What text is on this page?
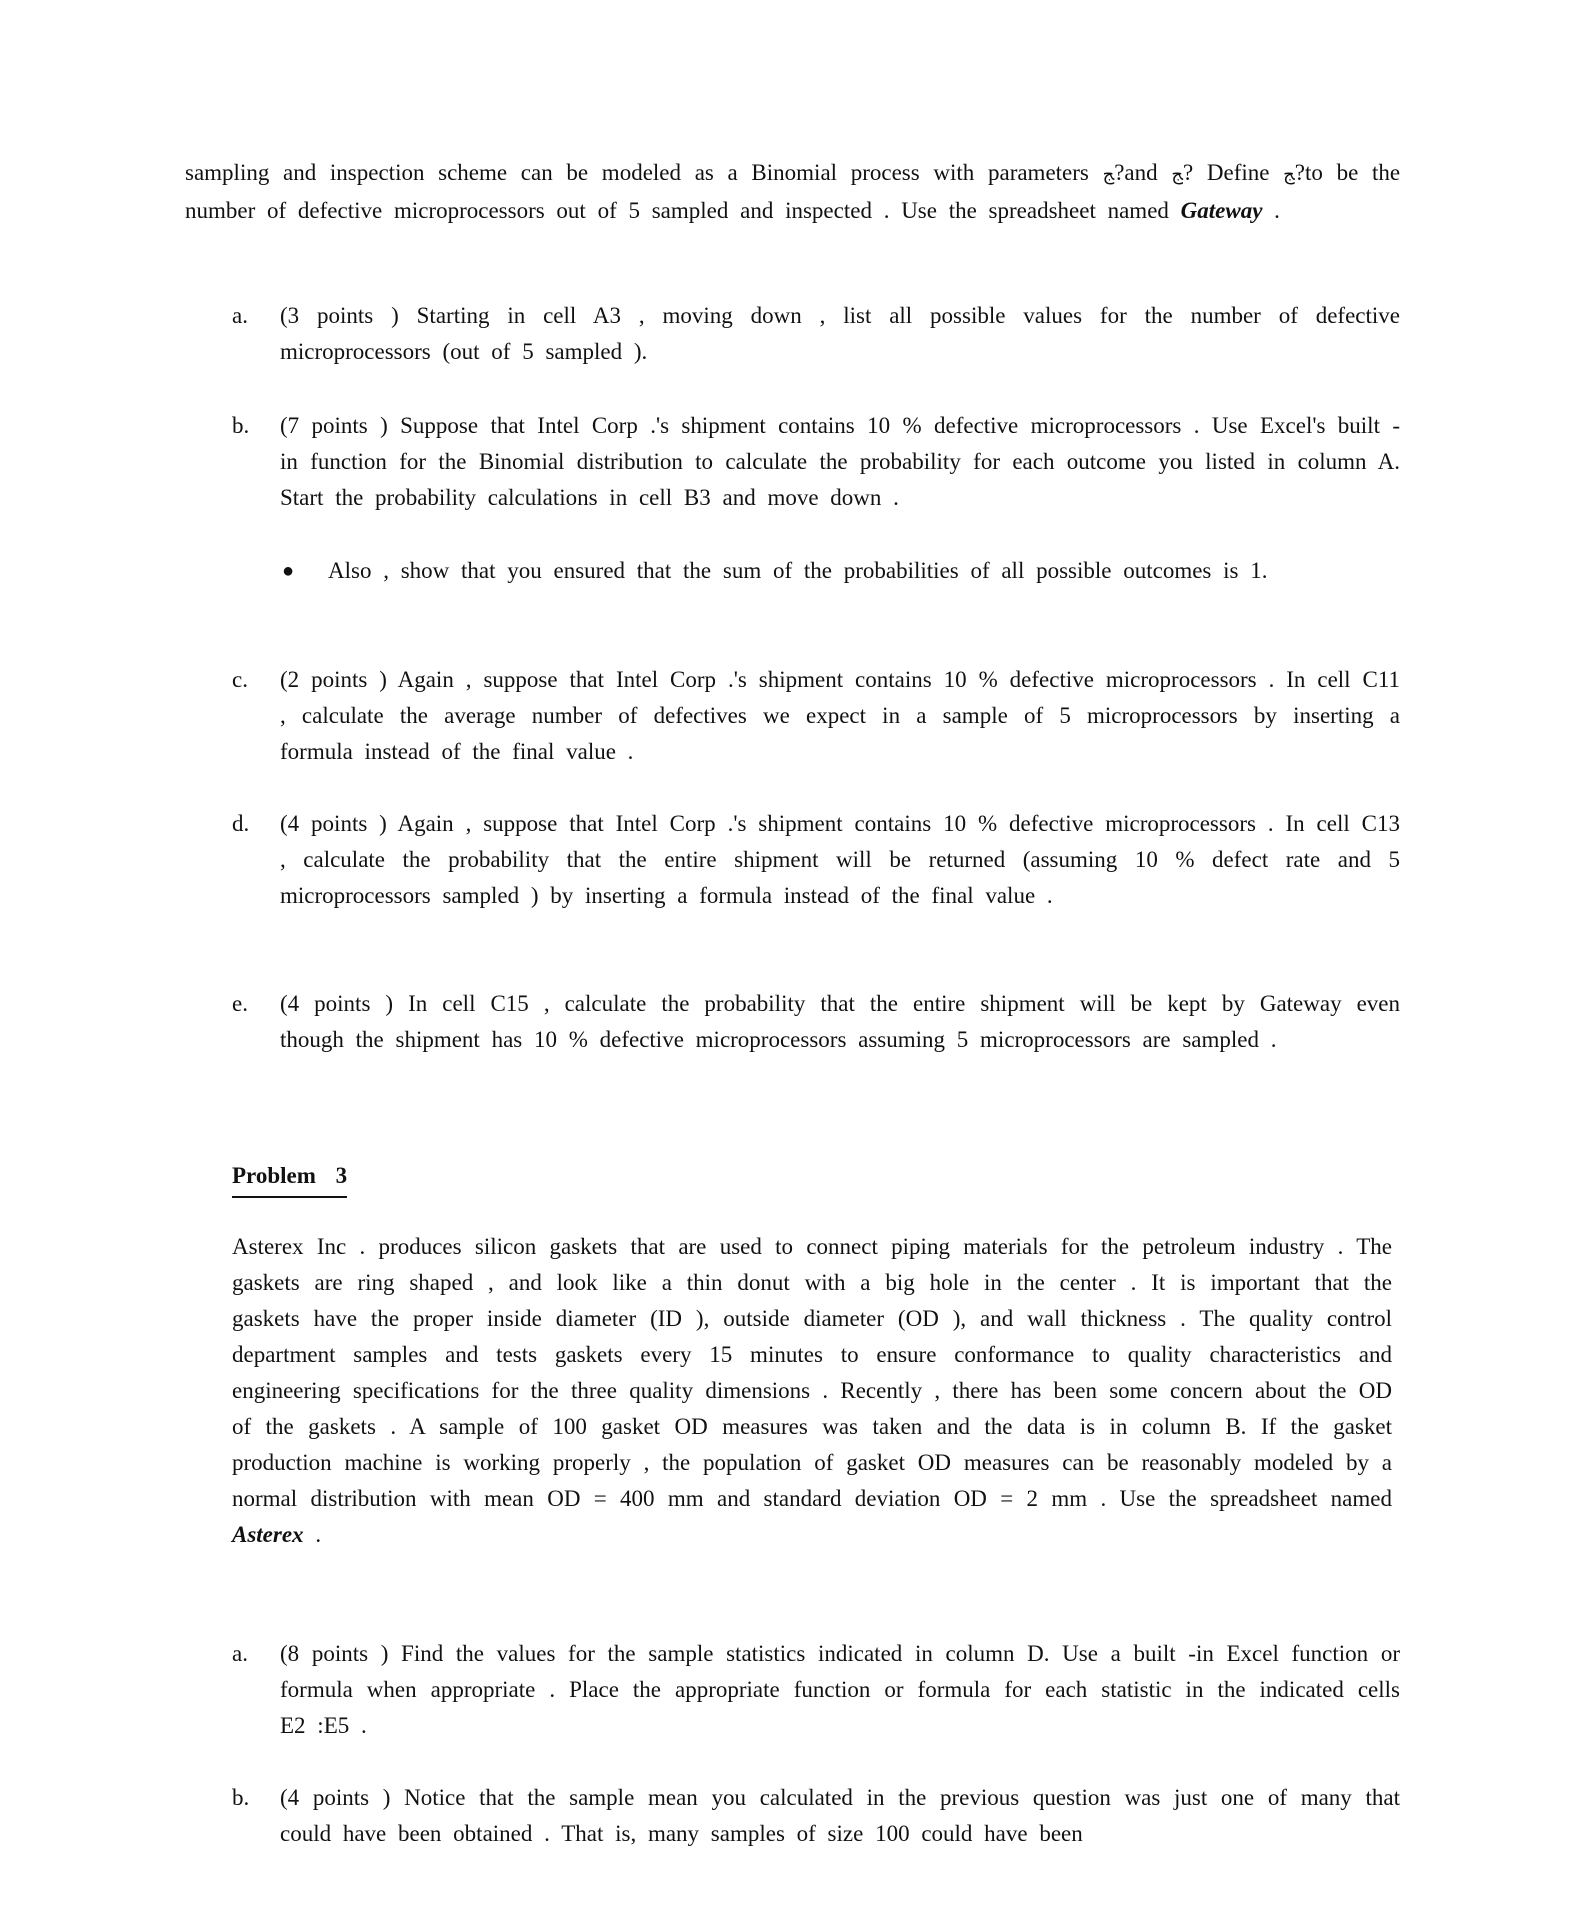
sampling and inspection scheme can be modeled as a Binomial process with parameters ﺞ?and ﺞ? Define ﺞ?to be the number of defective microprocessors out of 5 sampled and inspected . Use the spreadsheet named Gateway .
a.	(3 points ) Starting in cell A3 , moving down , list all possible values for the number of defective microprocessors (out of 5 sampled ).
b.	(7 points ) Suppose that Intel Corp .'s shipment contains 10 % defective microprocessors . Use Excel's built -in function for the Binomial distribution to calculate the probability for each outcome you listed in column A. Start the probability calculations in cell B3 and move down .
● Also , show that you ensured that the sum of the probabilities of all possible outcomes is 1.
c.	(2 points ) Again , suppose that Intel Corp .'s shipment contains 10 % defective microprocessors . In cell C11 , calculate the average number of defectives we expect in a sample of 5 microprocessors by inserting a formula instead of the final value .
d.	(4 points ) Again , suppose that Intel Corp .'s shipment contains 10 % defective microprocessors . In cell C13 , calculate the probability that the entire shipment will be returned (assuming 10 % defect rate and 5 microprocessors sampled ) by inserting a formula instead of the final value .
e.	(4 points ) In cell C15 , calculate the probability that the entire shipment will be kept by Gateway even though the shipment has 10 % defective microprocessors assuming 5 microprocessors are sampled .
Problem 3
Asterex Inc . produces silicon gaskets that are used to connect piping materials for the petroleum industry . The gaskets are ring shaped , and look like a thin donut with a big hole in the center . It is important that the gaskets have the proper inside diameter (ID ), outside diameter (OD ), and wall thickness . The quality control department samples and tests gaskets every 15 minutes to ensure conformance to quality characteristics and engineering specifications for the three quality dimensions . Recently , there has been some concern about the OD of the gaskets . A sample of 100 gasket OD measures was taken and the data is in column B. If the gasket production machine is working properly , the population of gasket OD measures can be reasonably modeled by a normal distribution with mean OD = 400 mm and standard deviation OD = 2 mm . Use the spreadsheet named Asterex .
a.	(8 points ) Find the values for the sample statistics indicated in column D. Use a built -in Excel function or formula when appropriate . Place the appropriate function or formula for each statistic in the indicated cells E2 :E5 .
b.	(4 points ) Notice that the sample mean you calculated in the previous question was just one of many that could have been obtained . That is, many samples of size 100 could have been
